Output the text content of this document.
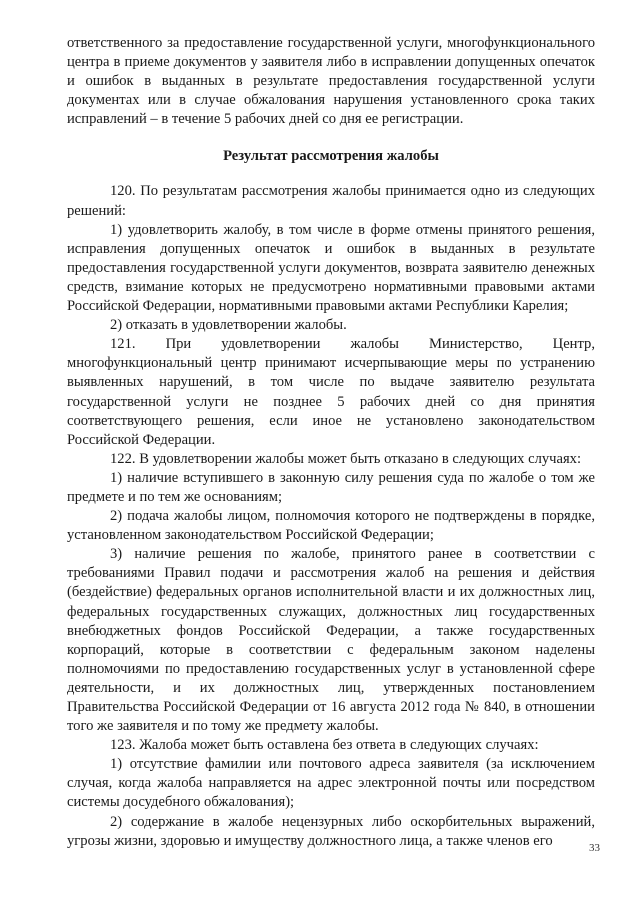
ответственного за предоставление государственной услуги, многофункционального центра в приеме документов у заявителя либо в исправлении допущенных опечаток и ошибок в выданных в результате предоставления государственной услуги документах или в случае обжалования нарушения установленного срока таких исправлений – в течение 5 рабочих дней со дня ее регистрации.

Результат рассмотрения жалобы

120. По результатам рассмотрения жалобы принимается одно из следующих решений:

1) удовлетворить жалобу, в том числе в форме отмены принятого решения, исправления допущенных опечаток и ошибок в выданных в результате предоставления государственной услуги документов, возврата заявителю денежных средств, взимание которых не предусмотрено нормативными правовыми актами Российской Федерации, нормативными правовыми актами Республики Карелия;

2) отказать в удовлетворении жалобы.

121. При удовлетворении жалобы Министерство, Центр, многофункциональный центр принимают исчерпывающие меры по устранению выявленных нарушений, в том числе по выдаче заявителю результата государственной услуги не позднее 5 рабочих дней со дня принятия соответствующего решения, если иное не установлено законодательством Российской Федерации.

122. В удовлетворении жалобы может быть отказано в следующих случаях:

1) наличие вступившего в законную силу решения суда по жалобе о том же предмете и по тем же основаниям;

2) подача жалобы лицом, полномочия которого не подтверждены в порядке, установленном законодательством Российской Федерации;

3) наличие решения по жалобе, принятого ранее в соответствии с требованиями Правил подачи и рассмотрения жалоб на решения и действия (бездействие) федеральных органов исполнительной власти и их должностных лиц, федеральных государственных служащих, должностных лиц государственных внебюджетных фондов Российской Федерации, а также государственных корпораций, которые в соответствии с федеральным законом наделены полномочиями по предоставлению государственных услуг в установленной сфере деятельности, и их должностных лиц, утвержденных постановлением Правительства Российской Федерации от 16 августа 2012 года № 840, в отношении того же заявителя и по тому же предмету жалобы.

123. Жалоба может быть оставлена без ответа в следующих случаях:

1) отсутствие фамилии или почтового адреса заявителя (за исключением случая, когда жалоба направляется на адрес электронной почты или посредством системы досудебного обжалования);

2) содержание в жалобе нецензурных либо оскорбительных выражений, угрозы жизни, здоровью и имуществу должностного лица, а также членов его	33
